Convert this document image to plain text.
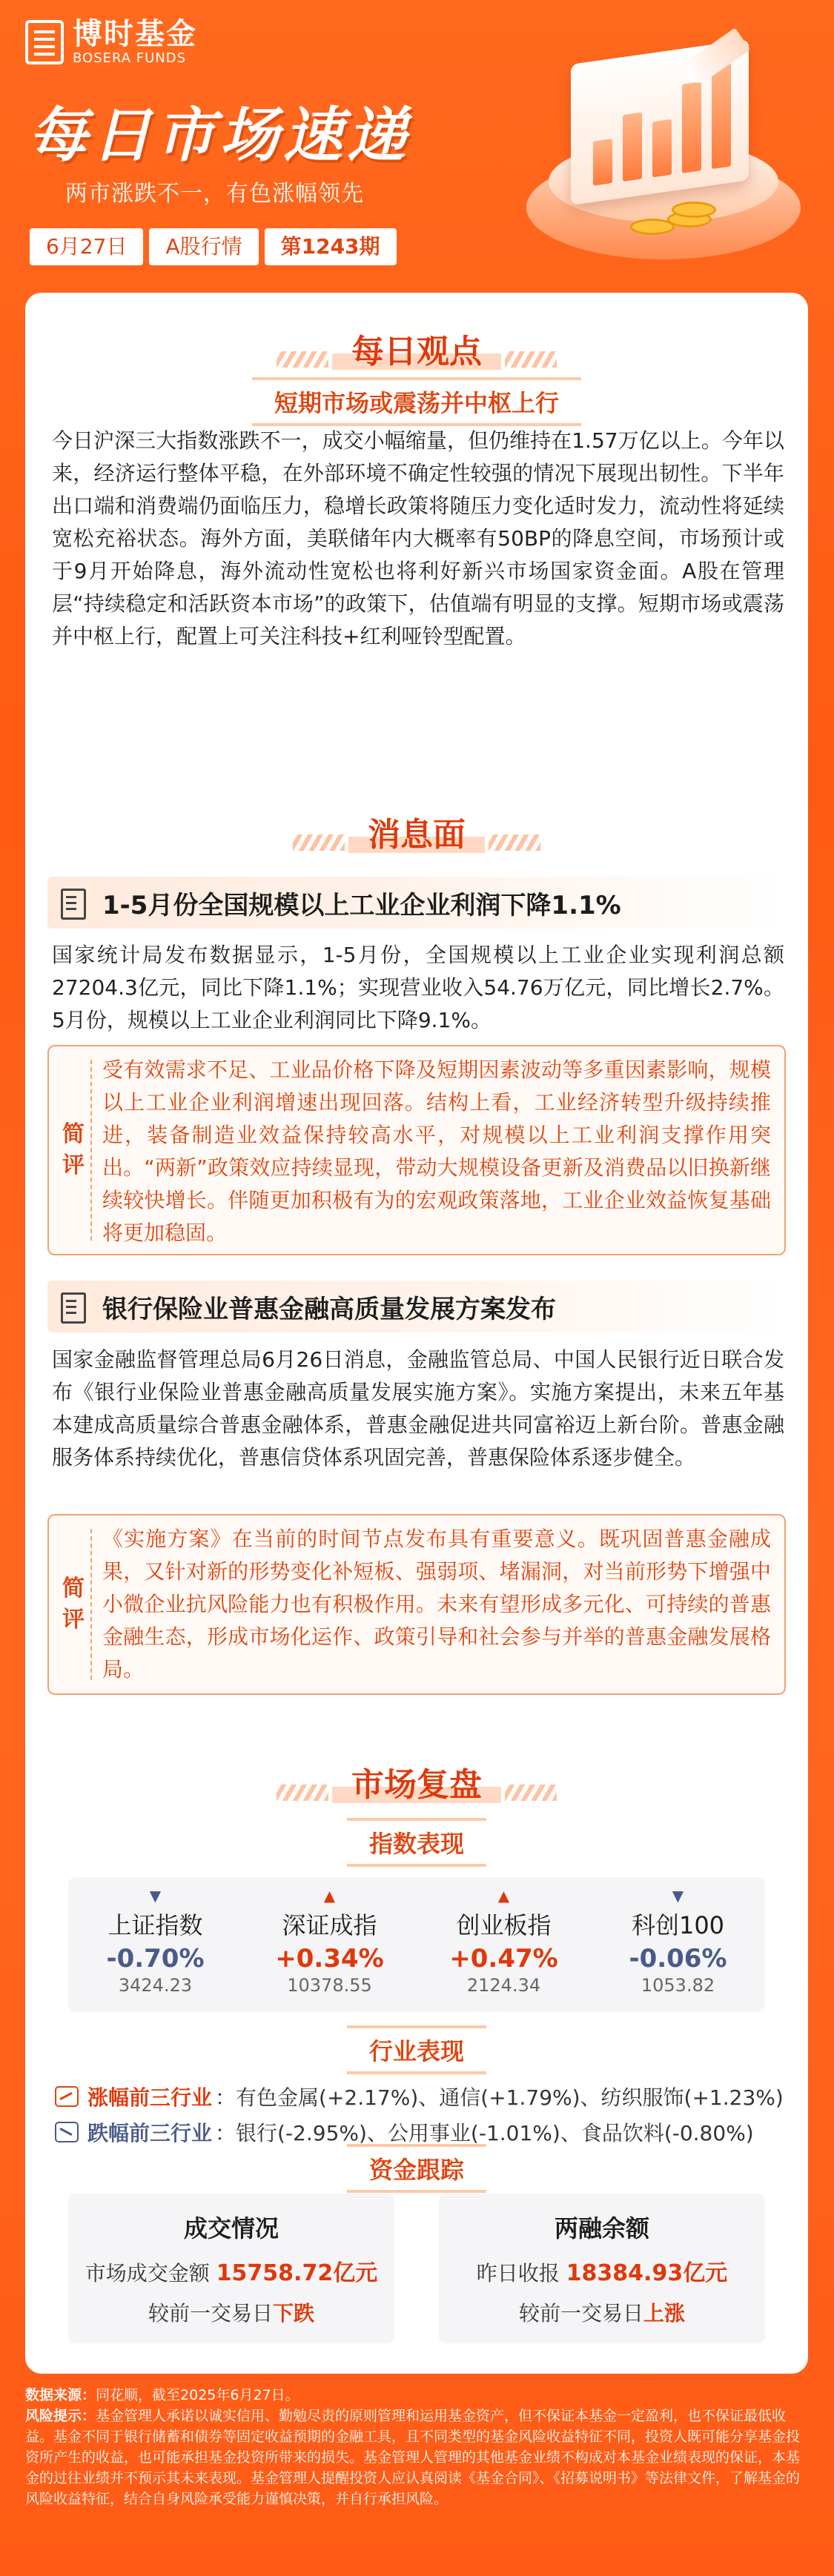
博时基金
BOSERA FUNDS
每日市场速递
两市涨跌不一，有色涨幅领先
6月27日	A股行情	第1243期
每日观点
短期市场或震荡并中枢上行
今日沪深三大指数涨跌不一，成交小幅缩量，但仍维持在1.57万亿以上。今年以来，经济运行整体平稳，在外部环境不确定性较强的情况下展现出韧性。下半年出口端和消费端仍面临压力，稳增长政策将随压力变化适时发力，流动性将延续宽松充裕状态。海外方面，美联储年内大概率有50BP的降息空间，市场预计或于9月开始降息，海外流动性宽松也将利好新兴市场国家资金面。A股在管理层“持续稳定和活跃资本市场”的政策下，估值端有明显的支撑。短期市场或震荡并中枢上行，配置上可关注科技+红利哑铃型配置。
消息面
1-5月份全国规模以上工业企业利润下降1.1%
国家统计局发布数据显示，1-5月份，全国规模以上工业企业实现利润总额27204.3亿元，同比下降1.1%；实现营业收入54.76万亿元，同比增长2.7%。5月份，规模以上工业企业利润同比下降9.1%。
简
评
受有效需求不足、工业品价格下降及短期因素波动等多重因素影响，规模以上工业企业利润增速出现回落。结构上看，工业经济转型升级持续推进，装备制造业效益保持较高水平，对规模以上工业利润支撑作用突出。“两新”政策效应持续显现，带动大规模设备更新及消费品以旧换新继续较快增长。伴随更加积极有为的宏观政策落地，工业企业效益恢复基础将更加稳固。
银行保险业普惠金融高质量发展方案发布
国家金融监督管理总局6月26日消息，金融监管总局、中国人民银行近日联合发布《银行业保险业普惠金融高质量发展实施方案》。实施方案提出，未来五年基本建成高质量综合普惠金融体系，普惠金融促进共同富裕迈上新台阶。普惠金融服务体系持续优化，普惠信贷体系巩固完善，普惠保险体系逐步健全。
简
评
《实施方案》在当前的时间节点发布具有重要意义。既巩固普惠金融成果，又针对新的形势变化补短板、强弱项、堵漏洞，对当前形势下增强中小微企业抗风险能力也有积极作用。未来有望形成多元化、可持续的普惠金融生态，形成市场化运作、政策引导和社会参与并举的普惠金融发展格局。
市场复盘
指数表现
▼
上证指数
-0.70%
3424.23
▲
深证成指
+0.34%
10378.55
▲
创业板指
+0.47%
2124.34
▼
科创100
-0.06%
1053.82
行业表现
涨幅前三行业 ：有色金属(+2.17%)、通信(+1.79%)、纺织服饰(+1.23%)
跌幅前三行业 ：银行(-2.95%)、公用事业(-1.01%)、食品饮料(-0.80%)
资金跟踪
成交情况
市场成交金额 15758.72亿元
较前一交易日下跌
两融余额
昨日收报 18384.93亿元
较前一交易日上涨
数据来源：同花顺，截至2025年6月27日。
风险提示：基金管理人承诺以诚实信用、勤勉尽责的原则管理和运用基金资产，但不保证本基金一定盈利，也不保证最低收益。基金不同于银行储蓄和债券等固定收益预期的金融工具，且不同类型的基金风险收益特征不同，投资人既可能分享基金投资所产生的收益，也可能承担基金投资所带来的损失。基金管理人管理的其他基金业绩不构成对本基金业绩表现的保证，本基金的过往业绩并不预示其未来表现。基金管理人提醒投资人应认真阅读《基金合同》、《招募说明书》等法律文件，了解基金的风险收益特征，结合自身风险承受能力谨慎决策，并自行承担风险。
